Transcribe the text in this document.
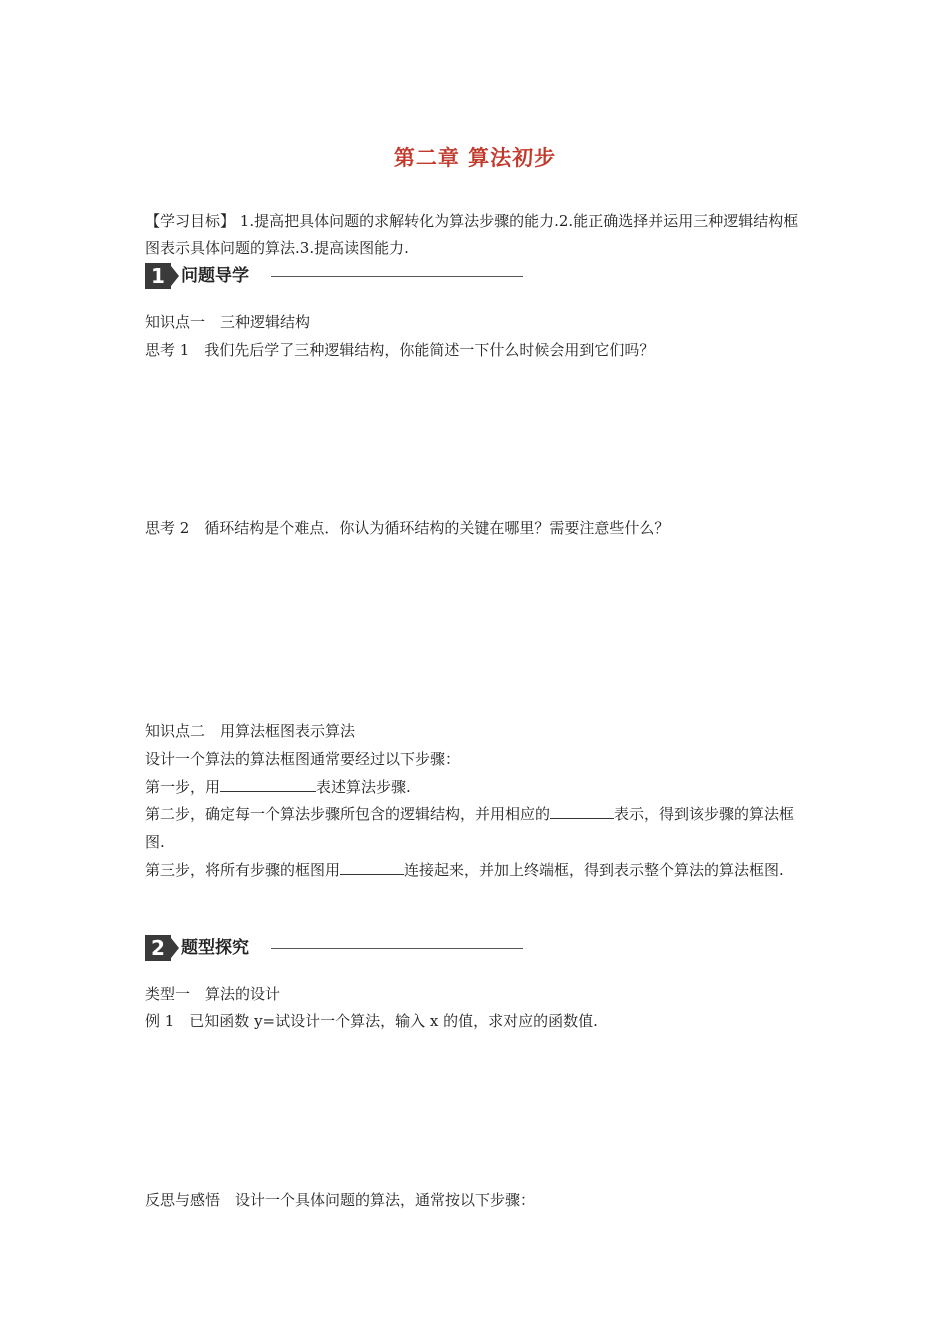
第二章 算法初步
【学习目标】 1.提高把具体问题的求解转化为算法步骤的能力.2.能正确选择并运用三种逻辑结构框图表示具体问题的算法.3.提高读图能力.
1 问题导学
知识点一　三种逻辑结构
思考 1　我们先后学了三种逻辑结构，你能简述一下什么时候会用到它们吗？
思考 2　循环结构是个难点．你认为循环结构的关键在哪里？需要注意些什么？
知识点二　用算法框图表示算法
设计一个算法的算法框图通常要经过以下步骤：
第一步，用	表述算法步骤.
第二步，确定每一个算法步骤所包含的逻辑结构，并用相应的	表示，得到该步骤的算法框图.
第三步，将所有步骤的框图用	连接起来，并加上终端框，得到表示整个算法的算法框图.
2 题型探究
类型一　算法的设计
例 1　已知函数 y=试设计一个算法，输入 x 的值，求对应的函数值.
反思与感悟　设计一个具体问题的算法，通常按以下步骤：
